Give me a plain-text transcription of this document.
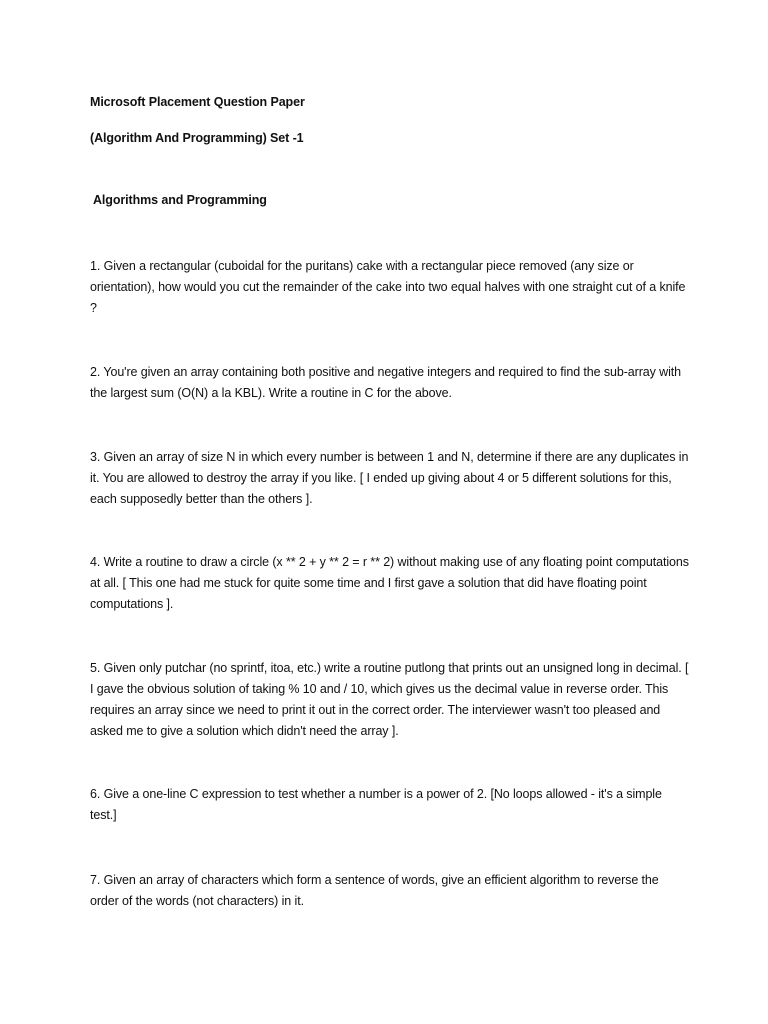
Microsoft Placement Question Paper

(Algorithm And Programming) Set -1

Algorithms and Programming

1. Given a rectangular (cuboidal for the puritans) cake with a rectangular piece removed (any size or orientation), how would you cut the remainder of the cake into two equal halves with one straight cut of a knife ?

2. You're given an array containing both positive and negative integers and required to find the sub-array with the largest sum (O(N) a la KBL). Write a routine in C for the above.

3. Given an array of size N in which every number is between 1 and N, determine if there are any duplicates in it. You are allowed to destroy the array if you like. [ I ended up giving about 4 or 5 different solutions for this, each supposedly better than the others ].

4. Write a routine to draw a circle (x ** 2 + y ** 2 = r ** 2) without making use of any floating point computations at all. [ This one had me stuck for quite some time and I first gave a solution that did have floating point computations ].

5. Given only putchar (no sprintf, itoa, etc.) write a routine putlong that prints out an unsigned long in decimal. [ I gave the obvious solution of taking % 10 and / 10, which gives us the decimal value in reverse order. This requires an array since we need to print it out in the correct order. The interviewer wasn't too pleased and asked me to give a solution which didn't need the array ].

6. Give a one-line C expression to test whether a number is a power of 2. [No loops allowed - it's a simple test.]

7. Given an array of characters which form a sentence of words, give an efficient algorithm to reverse the order of the words (not characters) in it.
